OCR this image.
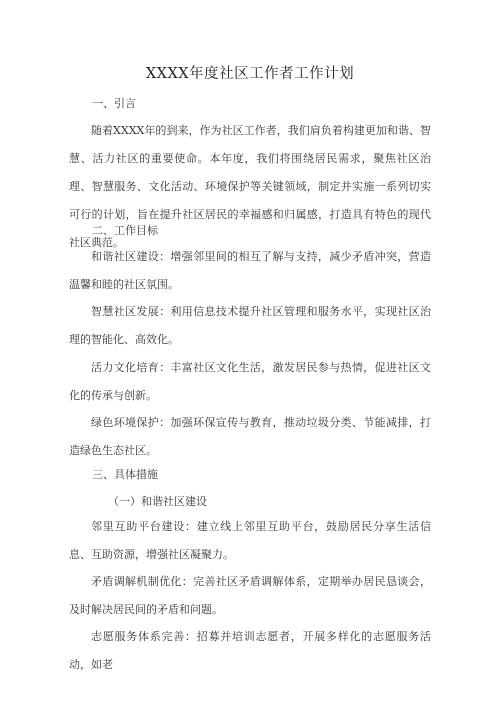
XXXX年度社区工作者工作计划
一、引言
随着XXXX年的到来，作为社区工作者，我们肩负着构建更加和谐、智慧、活力社区的重要使命。本年度，我们将围绕居民需求，聚焦社区治理、智慧服务、文化活动、环境保护等关键领域，制定并实施一系列切实可行的计划，旨在提升社区居民的幸福感和归属感，打造具有特色的现代社区典范。
二、工作目标
和谐社区建设：增强邻里间的相互了解与支持，减少矛盾冲突，营造温馨和睦的社区氛围。
智慧社区发展：利用信息技术提升社区管理和服务水平，实现社区治理的智能化、高效化。
活力文化培育：丰富社区文化生活，激发居民参与热情，促进社区文化的传承与创新。
绿色环境保护：加强环保宣传与教育，推动垃圾分类、节能减排，打造绿色生态社区。
三、具体措施
（一）和谐社区建设
邻里互助平台建设：建立线上邻里互助平台，鼓励居民分享生活信息、互助资源，增强社区凝聚力。
矛盾调解机制优化：完善社区矛盾调解体系，定期举办居民恳谈会，及时解决居民间的矛盾和问题。
志愿服务体系完善：招募并培训志愿者，开展多样化的志愿服务活动，如老
